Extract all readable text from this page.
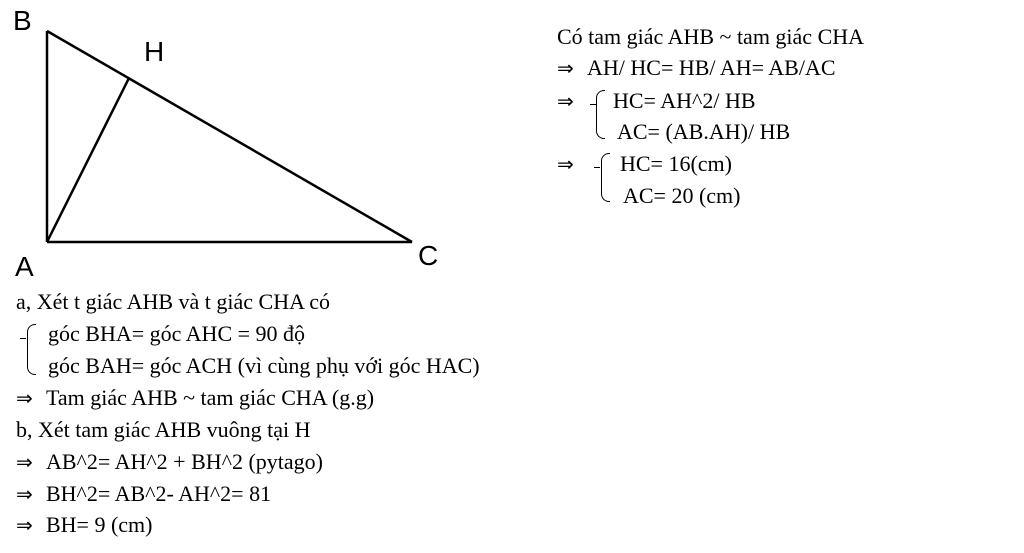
B
H
A	C
Có tam giác AHB ~ tam giác CHA
⇒ AH/ HC= HB/ AH= AB/AC
⇒	HC= AH^2/ HB
AC= (AB.AH)/ HB
⇒	HC= 16(cm)
AC= 20 (cm)
a, Xét t giác AHB và t giác CHA có
góc BHA= góc AHC = 90 độ
góc BAH= góc ACH (vì cùng phụ với góc HAC)
⇒ Tam giác AHB ~ tam giác CHA (g.g)
b, Xét tam giác AHB vuông tại H
⇒ AB^2= AH^2 + BH^2 (pytago)
⇒ BH^2= AB^2- AH^2= 81
⇒ BH= 9 (cm)
